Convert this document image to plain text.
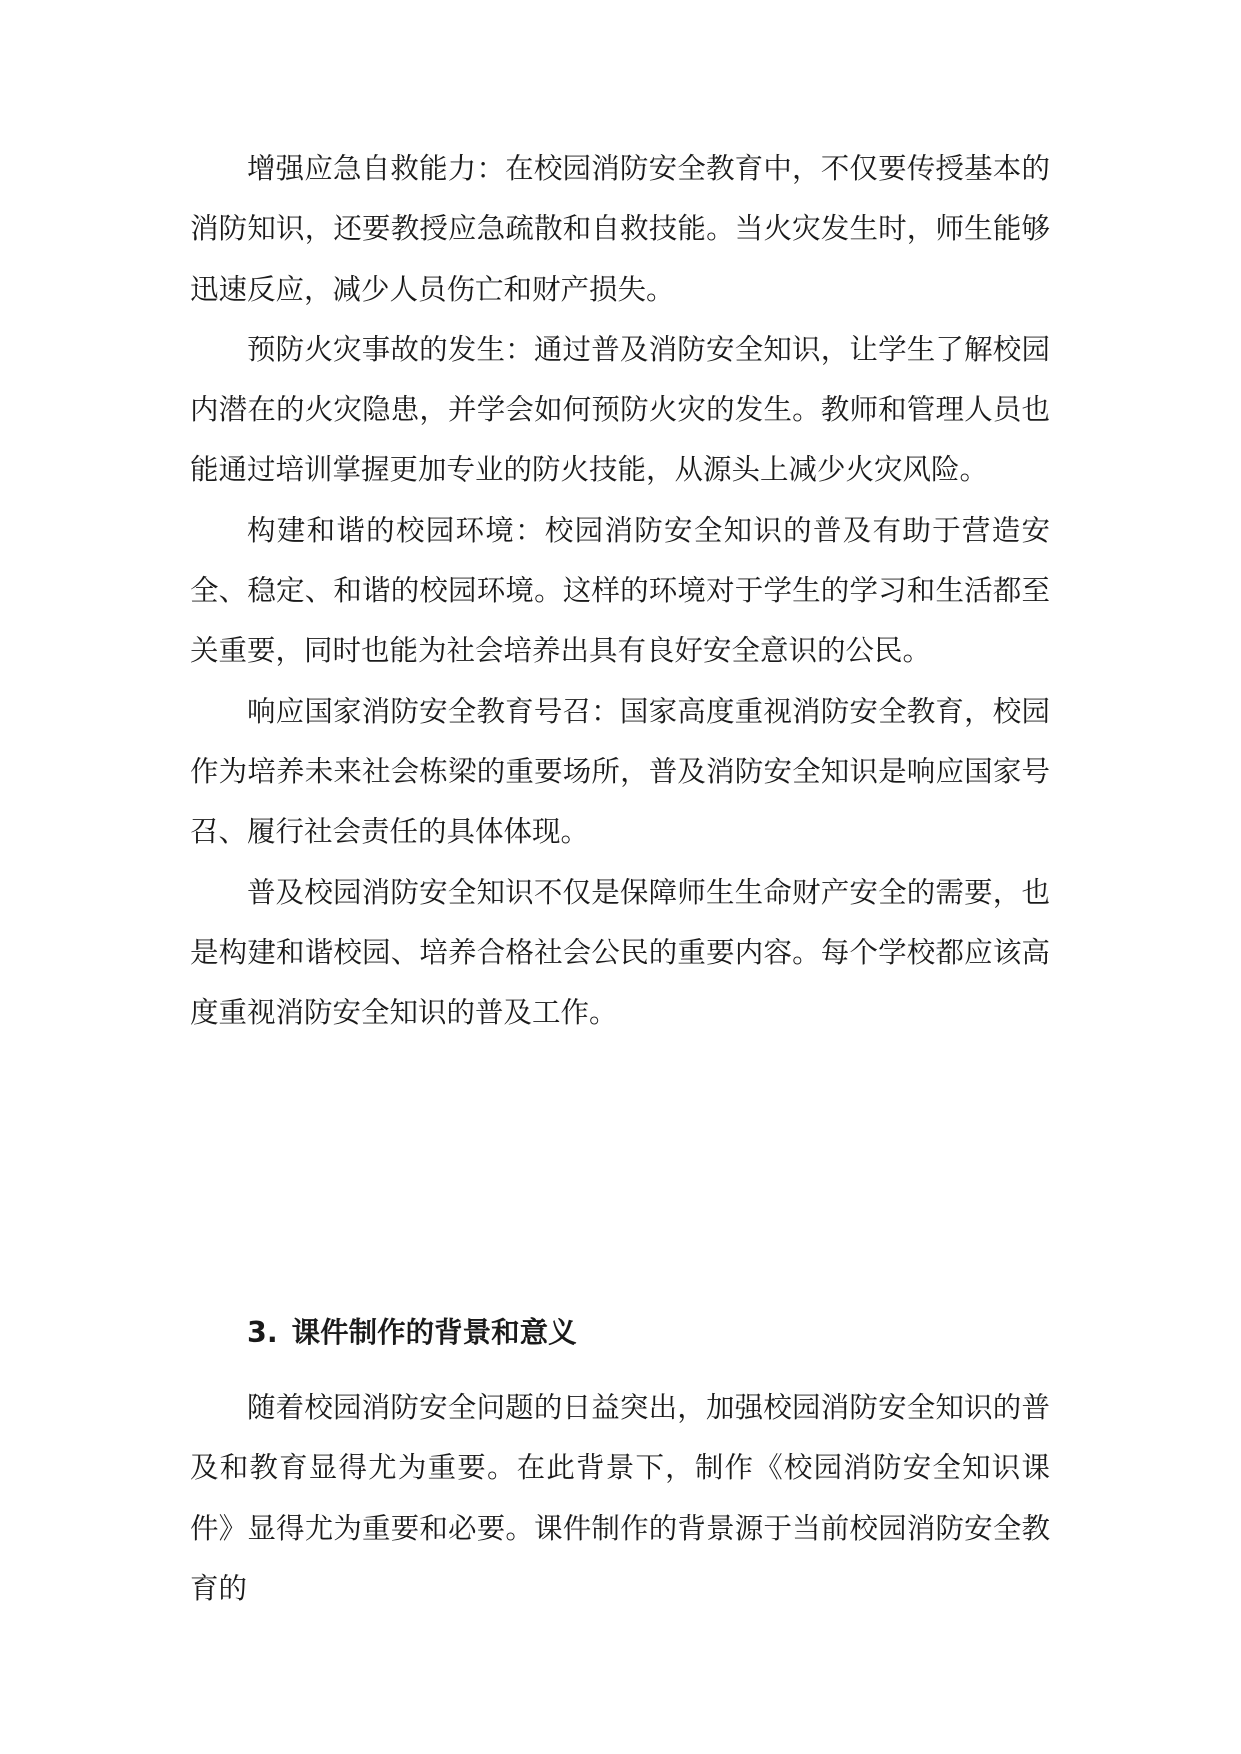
增强应急自救能力：在校园消防安全教育中，不仅要传授基本的消防知识，还要教授应急疏散和自救技能。当火灾发生时，师生能够迅速反应，减少人员伤亡和财产损失。

预防火灾事故的发生：通过普及消防安全知识，让学生了解校园内潜在的火灾隐患，并学会如何预防火灾的发生。教师和管理人员也能通过培训掌握更加专业的防火技能，从源头上减少火灾风险。

构建和谐的校园环境：校园消防安全知识的普及有助于营造安全、稳定、和谐的校园环境。这样的环境对于学生的学习和生活都至关重要，同时也能为社会培养出具有良好安全意识的公民。

响应国家消防安全教育号召：国家高度重视消防安全教育，校园作为培养未来社会栋梁的重要场所，普及消防安全知识是响应国家号召、履行社会责任的具体体现。

普及校园消防安全知识不仅是保障师生生命财产安全的需要，也是构建和谐校园、培养合格社会公民的重要内容。每个学校都应该高度重视消防安全知识的普及工作。

3. 课件制作的背景和意义

随着校园消防安全问题的日益突出，加强校园消防安全知识的普及和教育显得尤为重要。在此背景下，制作《校园消防安全知识课件》显得尤为重要和必要。课件制作的背景源于当前校园消防安全教育的
